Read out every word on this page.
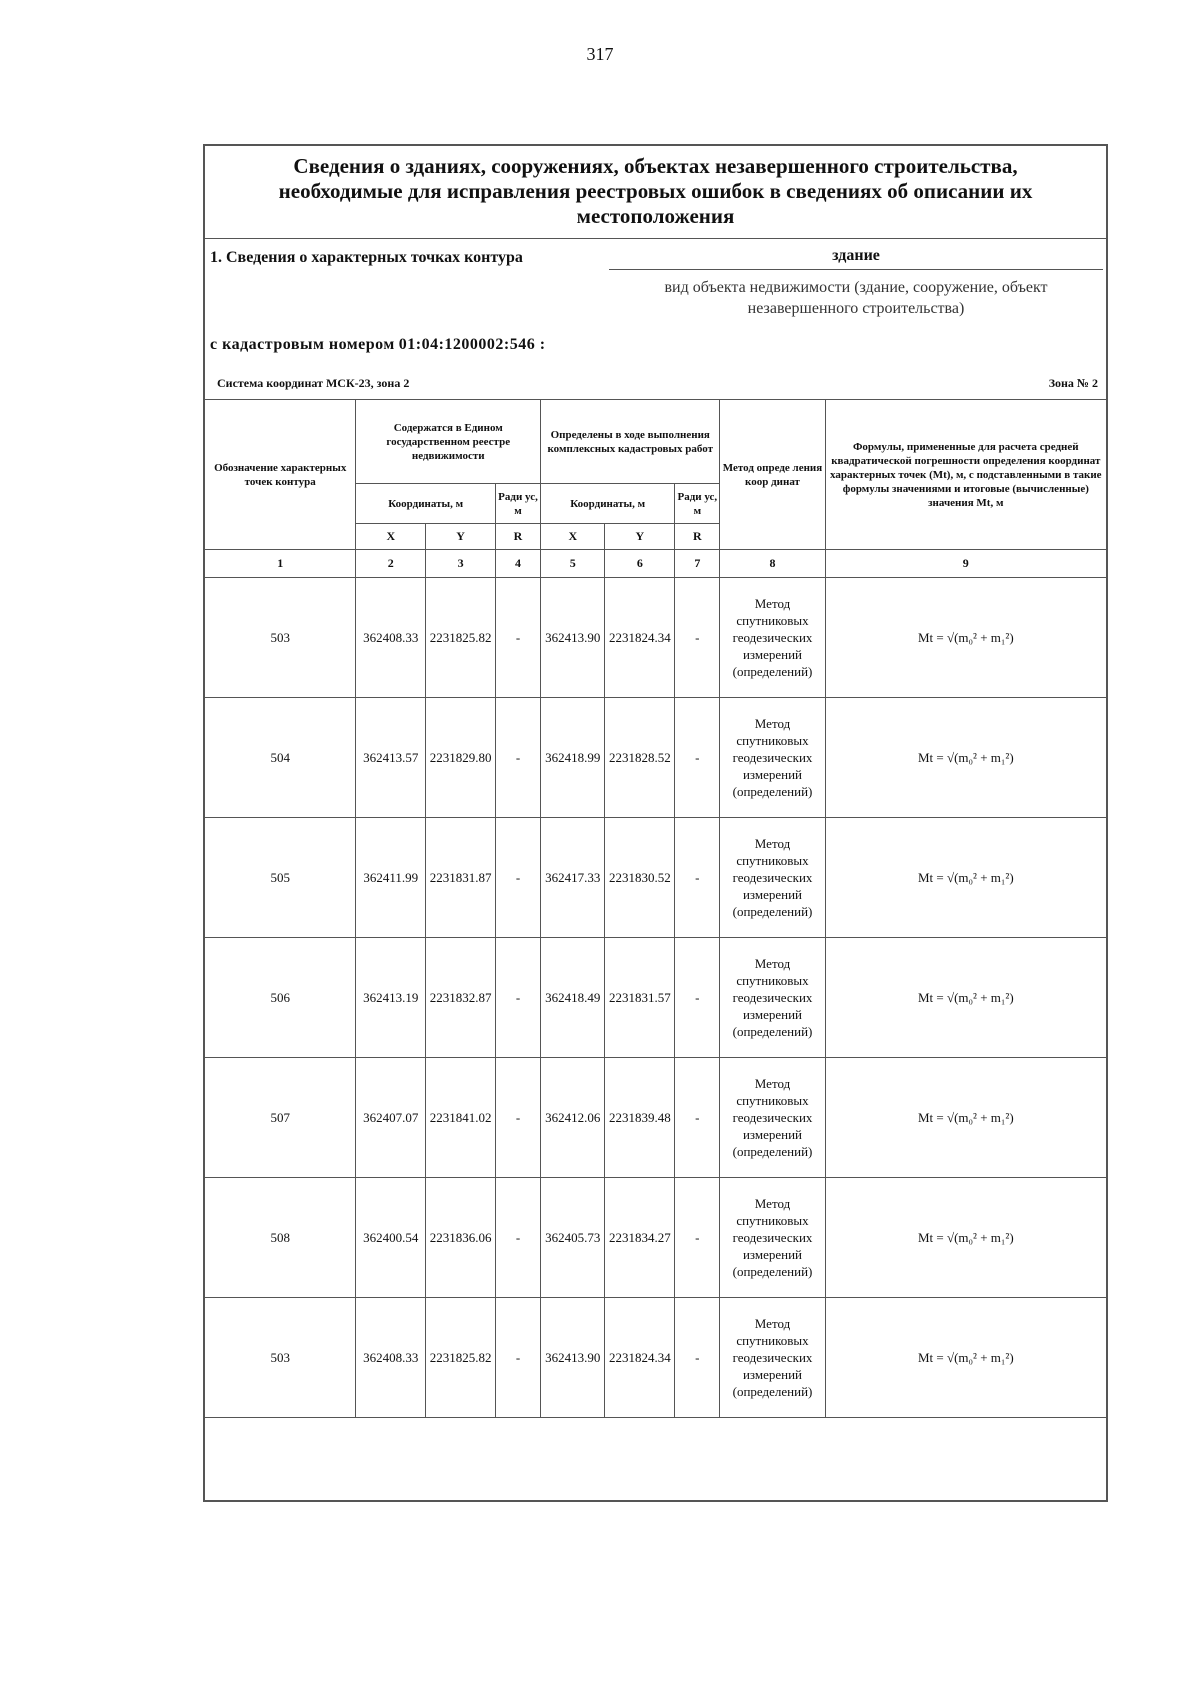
317
Сведения о зданиях, сооружениях, объектах незавершенного строительства,
необходимые для исправления реестровых ошибок в сведениях об описании их
местоположения
1. Сведения о характерных точках контура	здание
вид объекта недвижимости (здание, сооружение, объект незавершенного строительства)
с кадастровым номером 01:04:1200002:546 :
Система координат МСК-23, зона 2	Зона № 2
Обозначение характерных точек контура	Содержатся в Едином государственном реестре недвижимости			Определены в ходе выполнения комплексных кадастровых работ			Метод опреде ления коор динат	Формулы, примененные для расчета средней квадратической погрешности определения координат характерных точек (Mt), м, с подставленными в такие формулы значениями и итоговые (вычисленные) значения Mt, м
	Координаты, м		Ради ус, м	Координаты, м		Ради ус, м		
	X	Y	R	X	Y	R		
1	2	3	4	5	6	7	8	9
503	362408.33	2231825.82	-	362413.90	2231824.34	-	Метод спутниковых геодезических измерений (определений)	Mt = √(m₀² + m₁²)
504	362413.57	2231829.80	-	362418.99	2231828.52	-	Метод спутниковых геодезических измерений (определений)	Mt = √(m₀² + m₁²)
505	362411.99	2231831.87	-	362417.33	2231830.52	-	Метод спутниковых геодезических измерений (определений)	Mt = √(m₀² + m₁²)
506	362413.19	2231832.87	-	362418.49	2231831.57	-	Метод спутниковых геодезических измерений (определений)	Mt = √(m₀² + m₁²)
507	362407.07	2231841.02	-	362412.06	2231839.48	-	Метод спутниковых геодезических измерений (определений)	Mt = √(m₀² + m₁²)
508	362400.54	2231836.06	-	362405.73	2231834.27	-	Метод спутниковых геодезических измерений (определений)	Mt = √(m₀² + m₁²)
503	362408.33	2231825.82	-	362413.90	2231824.34	-	Метод спутниковых геодезических измерений (определений)	Mt = √(m₀² + m₁²)
